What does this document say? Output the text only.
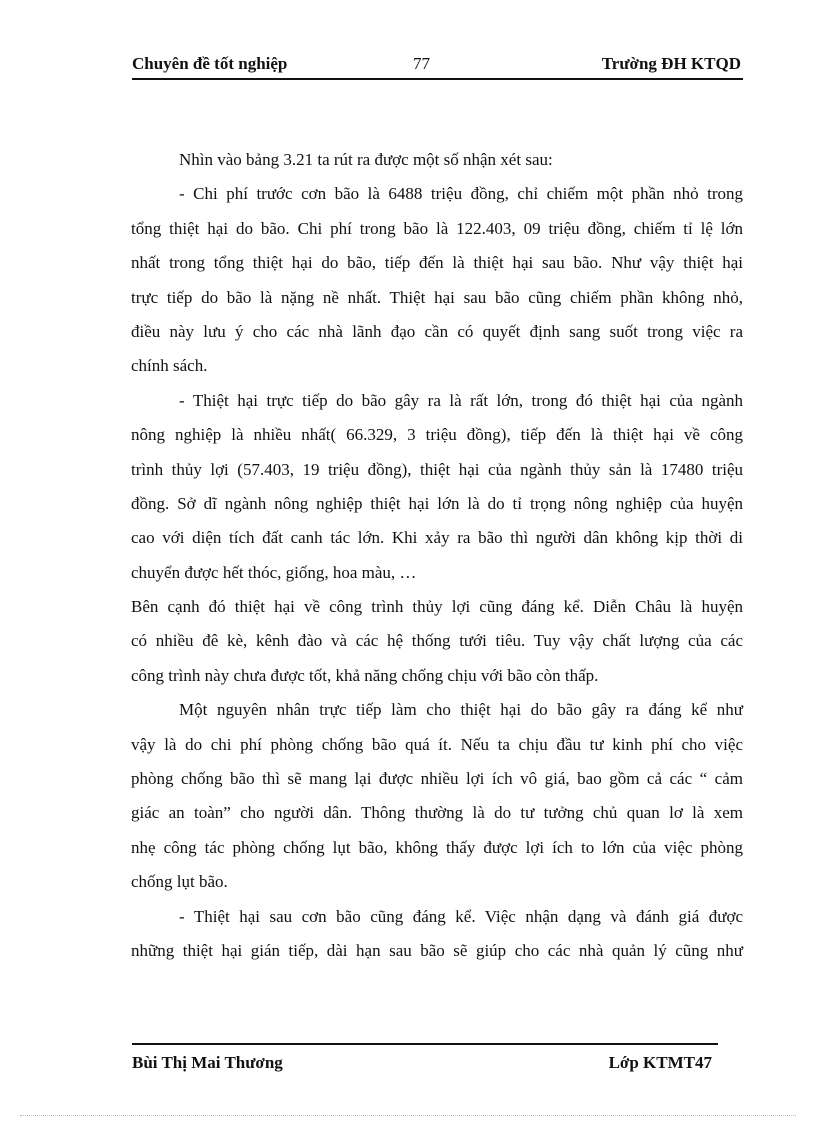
Chuyên đề tốt nghiệp	77	Trường ĐH KTQD
Nhìn vào bảng 3.21 ta rút ra được một số nhận xét sau:
- Chi phí trước cơn bão là 6488 triệu đồng, chỉ chiếm một phần nhỏ trong
tổng thiệt hại do bão. Chi phí trong bão là 122.403, 09 triệu đồng, chiếm tỉ lệ lớn
nhất trong tổng thiệt hại do bão, tiếp đến là thiệt hại sau bão. Như vậy thiệt hại
trực tiếp do bão là nặng nề nhất. Thiệt hại sau bão cũng chiếm phần không nhỏ,
điều này lưu ý cho các nhà lãnh đạo cần có quyết định sang suốt trong việc ra
chính sách.
- Thiệt hại trực tiếp do bão gây ra là rất lớn, trong đó thiệt hại của ngành
nông nghiệp là nhiều nhất( 66.329, 3 triệu đồng), tiếp đến là thiệt hại về công
trình thủy lợi (57.403, 19 triệu đồng), thiệt hại của ngành thủy sản là 17480 triệu
đồng. Sở dĩ ngành nông nghiệp thiệt hại lớn là do tỉ trọng nông nghiệp của huyện
cao với diện tích đất canh tác lớn. Khi xảy ra bão thì người dân không kịp thời di
chuyển được hết thóc, giống, hoa màu, …
Bên cạnh đó thiệt hại về công trình thủy lợi cũng đáng kể. Diễn Châu là huyện
có nhiều đê kè, kênh đào và các hệ thống tưới tiêu. Tuy vậy chất lượng của các
công trình này chưa được tốt, khả năng chống chịu với bão còn thấp.
Một nguyên nhân trực tiếp làm cho thiệt hại do bão gây ra đáng kể như
vậy là do chi phí phòng chống bão quá ít. Nếu ta chịu đầu tư kinh phí cho việc
phòng chống bão thì sẽ mang lại được nhiều lợi ích vô giá, bao gồm cả các “ cảm
giác an toàn” cho người dân. Thông thường là do tư tưởng chủ quan lơ là xem
nhẹ công tác phòng chống lụt bão, không thấy được lợi ích to lớn của việc phòng
chống lụt bão.
- Thiệt hại sau cơn bão cũng đáng kể. Việc nhận dạng và đánh giá được
những thiệt hại gián tiếp, dài hạn sau bão sẽ giúp cho các nhà quản lý cũng như
Bùi Thị Mai Thương	Lớp KTMT47
